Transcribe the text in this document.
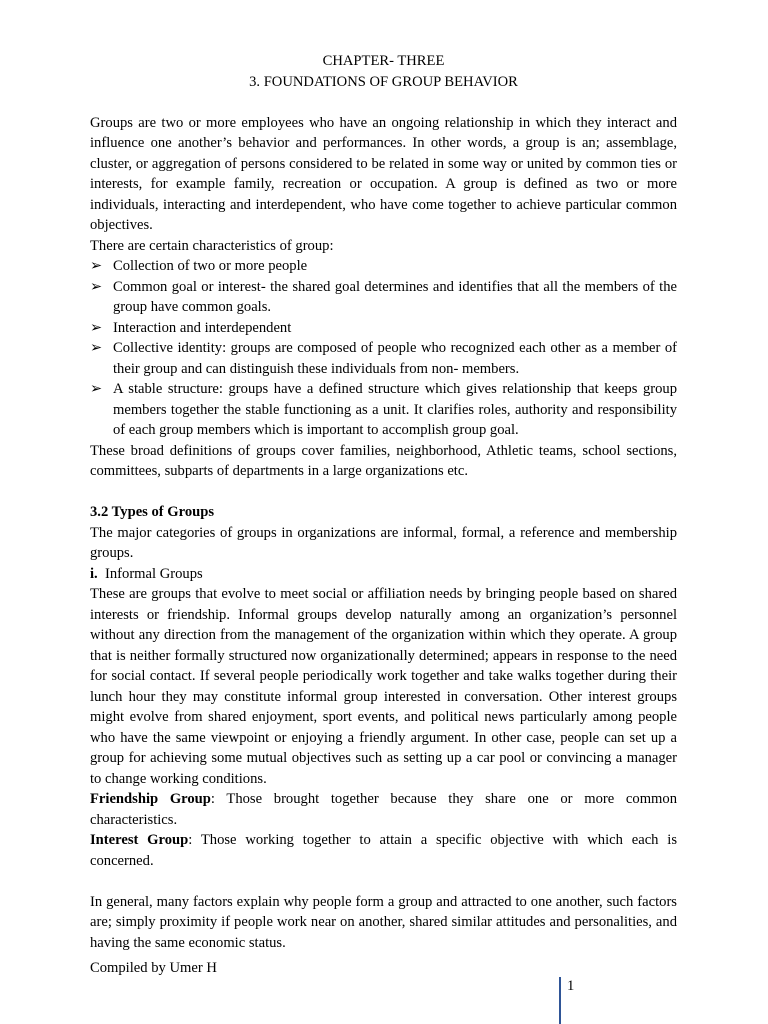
CHAPTER- THREE
3. FOUNDATIONS OF GROUP BEHAVIOR

Groups are two or more employees who have an ongoing relationship in which they interact and influence one another’s behavior and performances. In other words, a group is an; assemblage, cluster, or aggregation of persons considered to be related in some way or united by common ties or interests, for example family, recreation or occupation. A group is defined as two or more individuals, interacting and interdependent, who have come together to achieve particular common objectives.

There are certain characteristics of group:

➢ Collection of two or more people
➢ Common goal or interest- the shared goal determines and identifies that all the members of the group have common goals.
➢ Interaction and interdependent
➢ Collective identity: groups are composed of people who recognized each other as a member of their group and can distinguish these individuals from non- members.
➢ A stable structure: groups have a defined structure which gives relationship that keeps group members together the stable functioning as a unit. It clarifies roles, authority and responsibility of each group members which is important to accomplish group goal.

These broad definitions of groups cover families, neighborhood, Athletic teams, school sections, committees, subparts of departments in a large organizations etc.

3.2 Types of Groups

The major categories of groups in organizations are informal, formal, a reference and membership groups.

i. Informal Groups

These are groups that evolve to meet social or affiliation needs by bringing people based on shared interests or friendship. Informal groups develop naturally among an organization’s personnel without any direction from the management of the organization within which they operate. A group that is neither formally structured now organizationally determined; appears in response to the need for social contact. If several people periodically work together and take walks together during their lunch hour they may constitute informal group interested in conversation. Other interest groups might evolve from shared enjoyment, sport events, and political news particularly among people who have the same viewpoint or enjoying a friendly argument. In other case, people can set up a group for achieving some mutual objectives such as setting up a car pool or convincing a manager to change working conditions.

Friendship Group: Those brought together because they share one or more common characteristics.

Interest Group: Those working together to attain a specific objective with which each is concerned.

In general, many factors explain why people form a group and attracted to one another, such factors are; simply proximity if people work near on another, shared similar attitudes and personalities, and having the same economic status.

Compiled by Umer H
1
